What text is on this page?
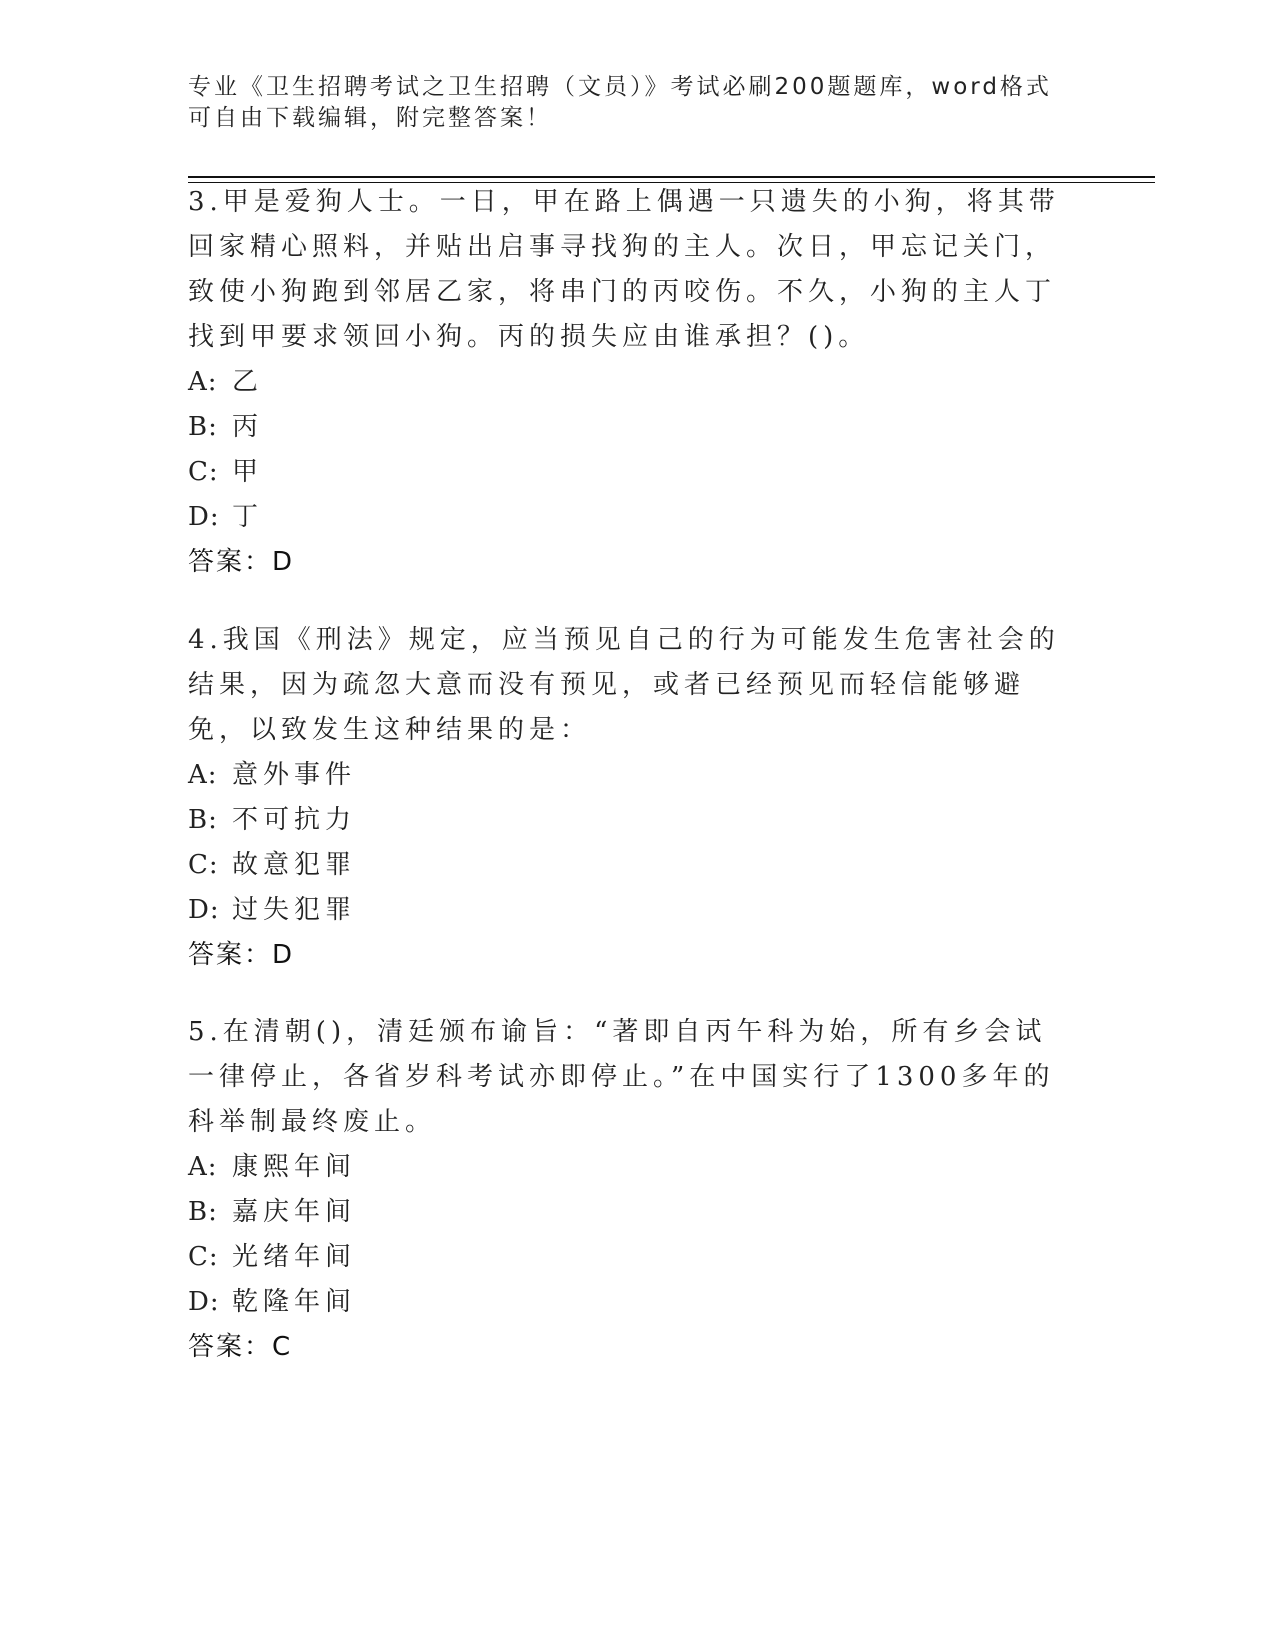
专业《卫生招聘考试之卫生招聘（文员）》考试必刷200题题库，word格式可自由下载编辑，附完整答案！
3.甲是爱狗人士。一日，甲在路上偶遇一只遗失的小狗，将其带回家精心照料，并贴出启事寻找狗的主人。次日，甲忘记关门，致使小狗跑到邻居乙家，将串门的丙咬伤。不久，小狗的主人丁找到甲要求领回小狗。丙的损失应由谁承担？()。
A: 乙
B: 丙
C: 甲
D: 丁
答案：D
4.我国《刑法》规定，应当预见自己的行为可能发生危害社会的结果，因为疏忽大意而没有预见，或者已经预见而轻信能够避免，以致发生这种结果的是：
A: 意外事件
B: 不可抗力
C: 故意犯罪
D: 过失犯罪
答案：D
5.在清朝()，清廷颁布谕旨：“著即自丙午科为始，所有乡会试一律停止，各省岁科考试亦即停止。”在中国实行了1300多年的科举制最终废止。
A: 康熙年间
B: 嘉庆年间
C: 光绪年间
D: 乾隆年间
答案：C
